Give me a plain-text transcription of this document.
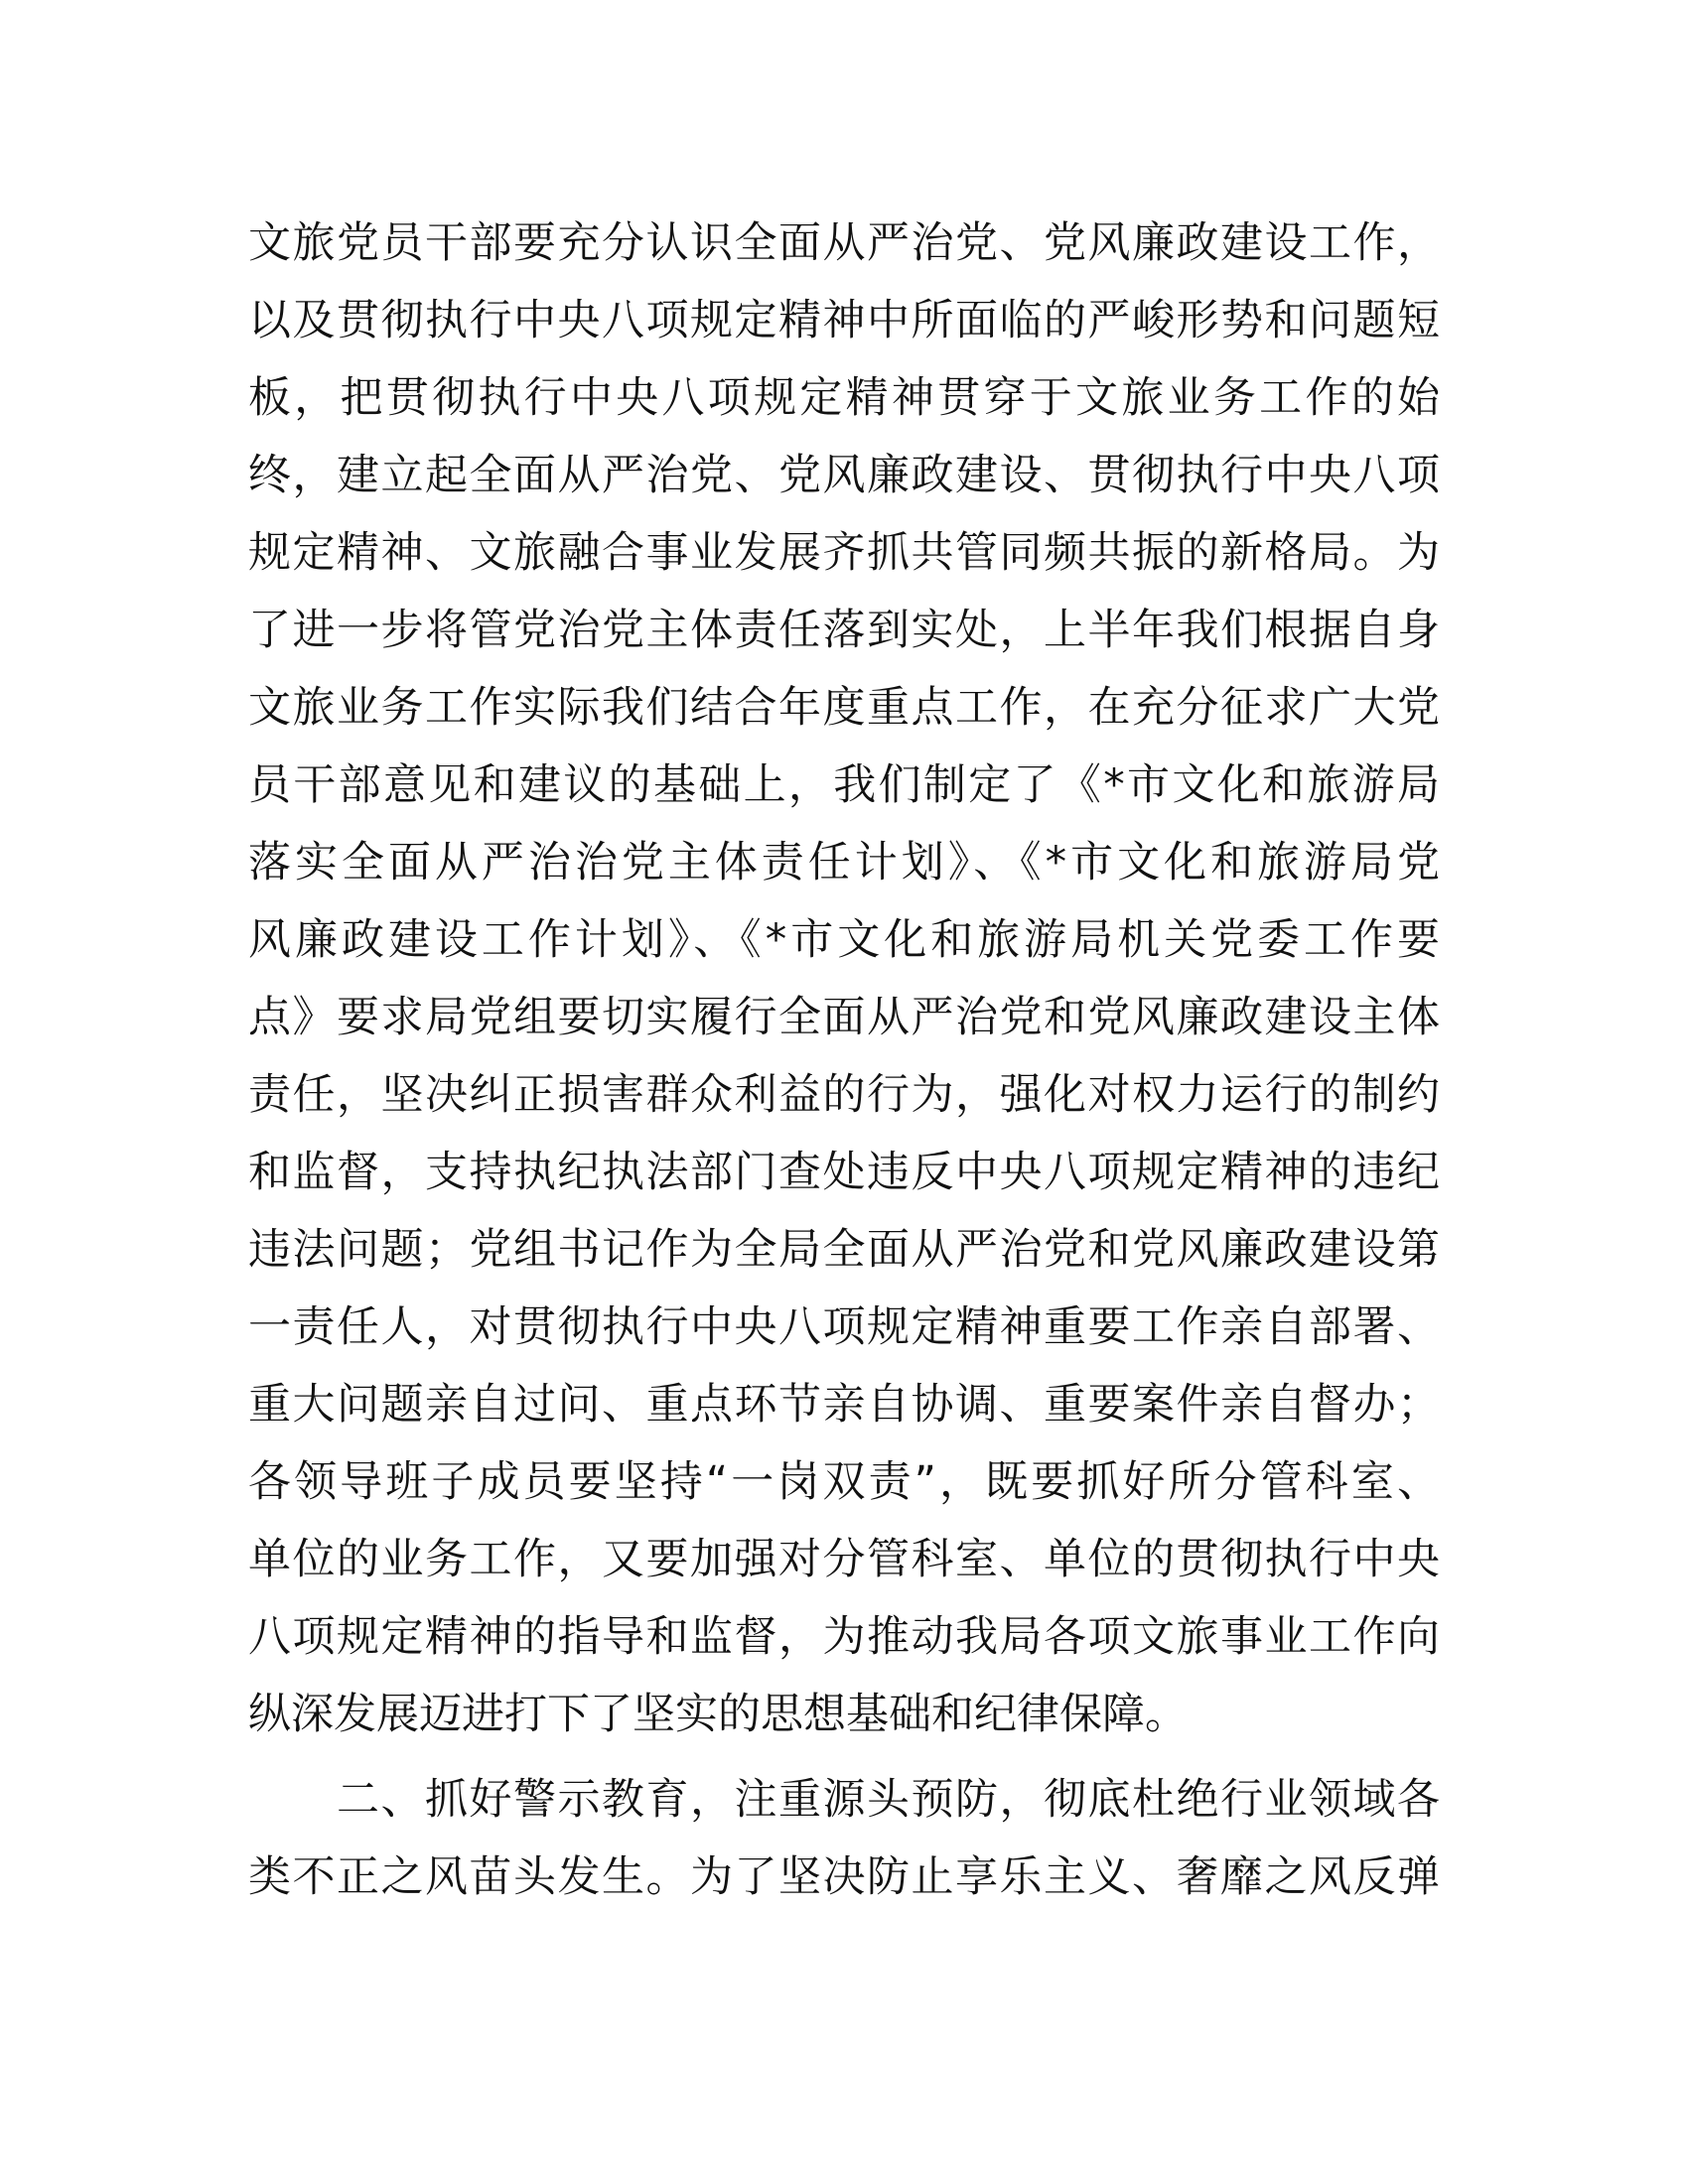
文旅党员干部要充分认识全面从严治党、党风廉政建设工作，
以及贯彻执行中央八项规定精神中所面临的严峻形势和问题短
板，把贯彻执行中央八项规定精神贯穿于文旅业务工作的始
终，建立起全面从严治党、党风廉政建设、贯彻执行中央八项
规定精神、文旅融合事业发展齐抓共管同频共振的新格局。为
了进一步将管党治党主体责任落到实处，上半年我们根据自身
文旅业务工作实际我们结合年度重点工作，在充分征求广大党
员干部意见和建议的基础上，我们制定了《*市文化和旅游局
落实全面从严治治党主体责任计划》、《*市文化和旅游局党
风廉政建设工作计划》、《*市文化和旅游局机关党委工作要
点》要求局党组要切实履行全面从严治党和党风廉政建设主体
责任，坚决纠正损害群众利益的行为，强化对权力运行的制约
和监督，支持执纪执法部门查处违反中央八项规定精神的违纪
违法问题；党组书记作为全局全面从严治党和党风廉政建设第
一责任人，对贯彻执行中央八项规定精神重要工作亲自部署、
重大问题亲自过问、重点环节亲自协调、重要案件亲自督办；
各领导班子成员要坚持“一岗双责”，既要抓好所分管科室、
单位的业务工作，又要加强对分管科室、单位的贯彻执行中央
八项规定精神的指导和监督，为推动我局各项文旅事业工作向
纵深发展迈进打下了坚实的思想基础和纪律保障。
二、抓好警示教育，注重源头预防，彻底杜绝行业领域各
类不正之风苗头发生。为了坚决防止享乐主义、奢靡之风反弹
